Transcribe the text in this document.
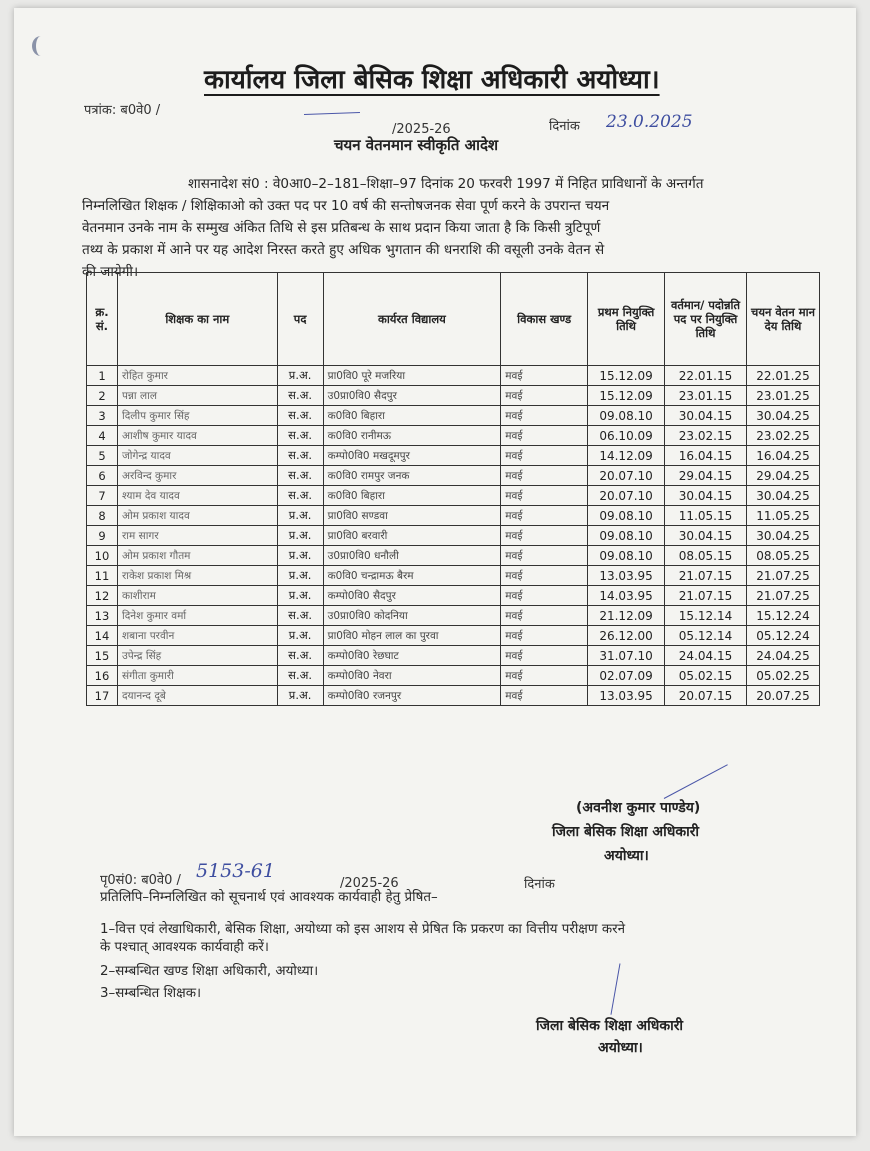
कार्यालय जिला बेसिक शिक्षा अधिकारी अयोध्या।
पत्रांक: ब0वे0 /
/2025-26	दिनांक 23.0.2025
चयन वेतनमान स्वीकृति आदेश
शासनादेश सं0 : वे0आ0–2–181–शिक्षा–97 दिनांक 20 फरवरी 1997 में निहित प्राविधानों के अन्तर्गत
निम्नलिखित शिक्षक / शिक्षिकाओ को उक्त पद पर 10 वर्ष की सन्तोषजनक सेवा पूर्ण करने के उपरान्त चयन
वेतनमान उनके नाम के सम्मुख अंकित तिथि से इस प्रतिबन्ध के साथ प्रदान किया जाता है कि किसी त्रुटिपूर्ण
तथ्य के प्रकाश में आने पर यह आदेश निरस्त करते हुए अधिक भुगतान की धनराशि की वसूली उनके वेतन से
की जायेगी।
क्र. सं.	शिक्षक का नाम	पद	कार्यरत विद्यालय	विकास खण्ड	प्रथम नियुक्ति तिथि	वर्तमान/ पदोन्नति पद पर नियुक्ति तिथि	चयन वेतन मान देय तिथि
1	रोहित कुमार	प्र.अ.	प्रा0वि0 पूरे मजरिया	मवई	15.12.09	22.01.15	22.01.25
2	पन्ना लाल	स.अ.	उ0प्रा0वि0 सैदपुर	मवई	15.12.09	23.01.15	23.01.25
3	दिलीप कुमार सिंह	स.अ.	क0वि0 बिहारा	मवई	09.08.10	30.04.15	30.04.25
4	आशीष कुमार यादव	स.अ.	क0वि0 रानीमऊ	मवई	06.10.09	23.02.15	23.02.25
5	जोगेन्द्र यादव	स.अ.	कम्पो0वि0 मखदूमपुर	मवई	14.12.09	16.04.15	16.04.25
6	अरविन्द कुमार	स.अ.	क0वि0 रामपुर जनक	मवई	20.07.10	29.04.15	29.04.25
7	श्याम देव यादव	स.अ.	क0वि0 बिहारा	मवई	20.07.10	30.04.15	30.04.25
8	ओम प्रकाश यादव	प्र.अ.	प्रा0वि0 सण्डवा	मवई	09.08.10	11.05.15	11.05.25
9	राम सागर	प्र.अ.	प्रा0वि0 बरवारी	मवई	09.08.10	30.04.15	30.04.25
10	ओम प्रकाश गौतम	प्र.अ.	उ0प्रा0वि0 धनौली	मवई	09.08.10	08.05.15	08.05.25
11	राकेश प्रकाश मिश्र	प्र.अ.	क0वि0 चन्द्रामऊ बैरम	मवई	13.03.95	21.07.15	21.07.25
12	काशीराम	प्र.अ.	कम्पो0वि0 सैदपुर	मवई	14.03.95	21.07.15	21.07.25
13	दिनेश कुमार वर्मा	स.अ.	उ0प्रा0वि0 कोदनिया	मवई	21.12.09	15.12.14	15.12.24
14	शबाना परवीन	प्र.अ.	प्रा0वि0 मोहन लाल का पुरवा	मवई	26.12.00	05.12.14	05.12.24
15	उपेन्द्र सिंह	स.अ.	कम्पो0वि0 रेछघाट	मवई	31.07.10	24.04.15	24.04.25
16	संगीता कुमारी	स.अ.	कम्पो0वि0 नेवरा	मवई	02.07.09	05.02.15	05.02.25
17	दयानन्द दूबे	प्र.अ.	कम्पो0वि0 रजनपुर	मवई	13.03.95	20.07.15	20.07.25
(अवनीश कुमार पाण्डेय)
जिला बेसिक शिक्षा अधिकारी
अयोध्या।
पृ0सं0: ब0वे0 / 5153-61
/2025-26	दिनांक
प्रतिलिपि–निम्नलिखित को सूचनार्थ एवं आवश्यक कार्यवाही हेतु प्रेषित–
1–वित्त एवं लेखाधिकारी, बेसिक शिक्षा, अयोध्या को इस आशय से प्रेषित कि प्रकरण का वित्तीय परीक्षण करने
के पश्चात् आवश्यक कार्यवाही करें।
2–सम्बन्धित खण्ड शिक्षा अधिकारी, अयोध्या।
3–सम्बन्धित शिक्षक।
जिला बेसिक शिक्षा अधिकारी
अयोध्या।
